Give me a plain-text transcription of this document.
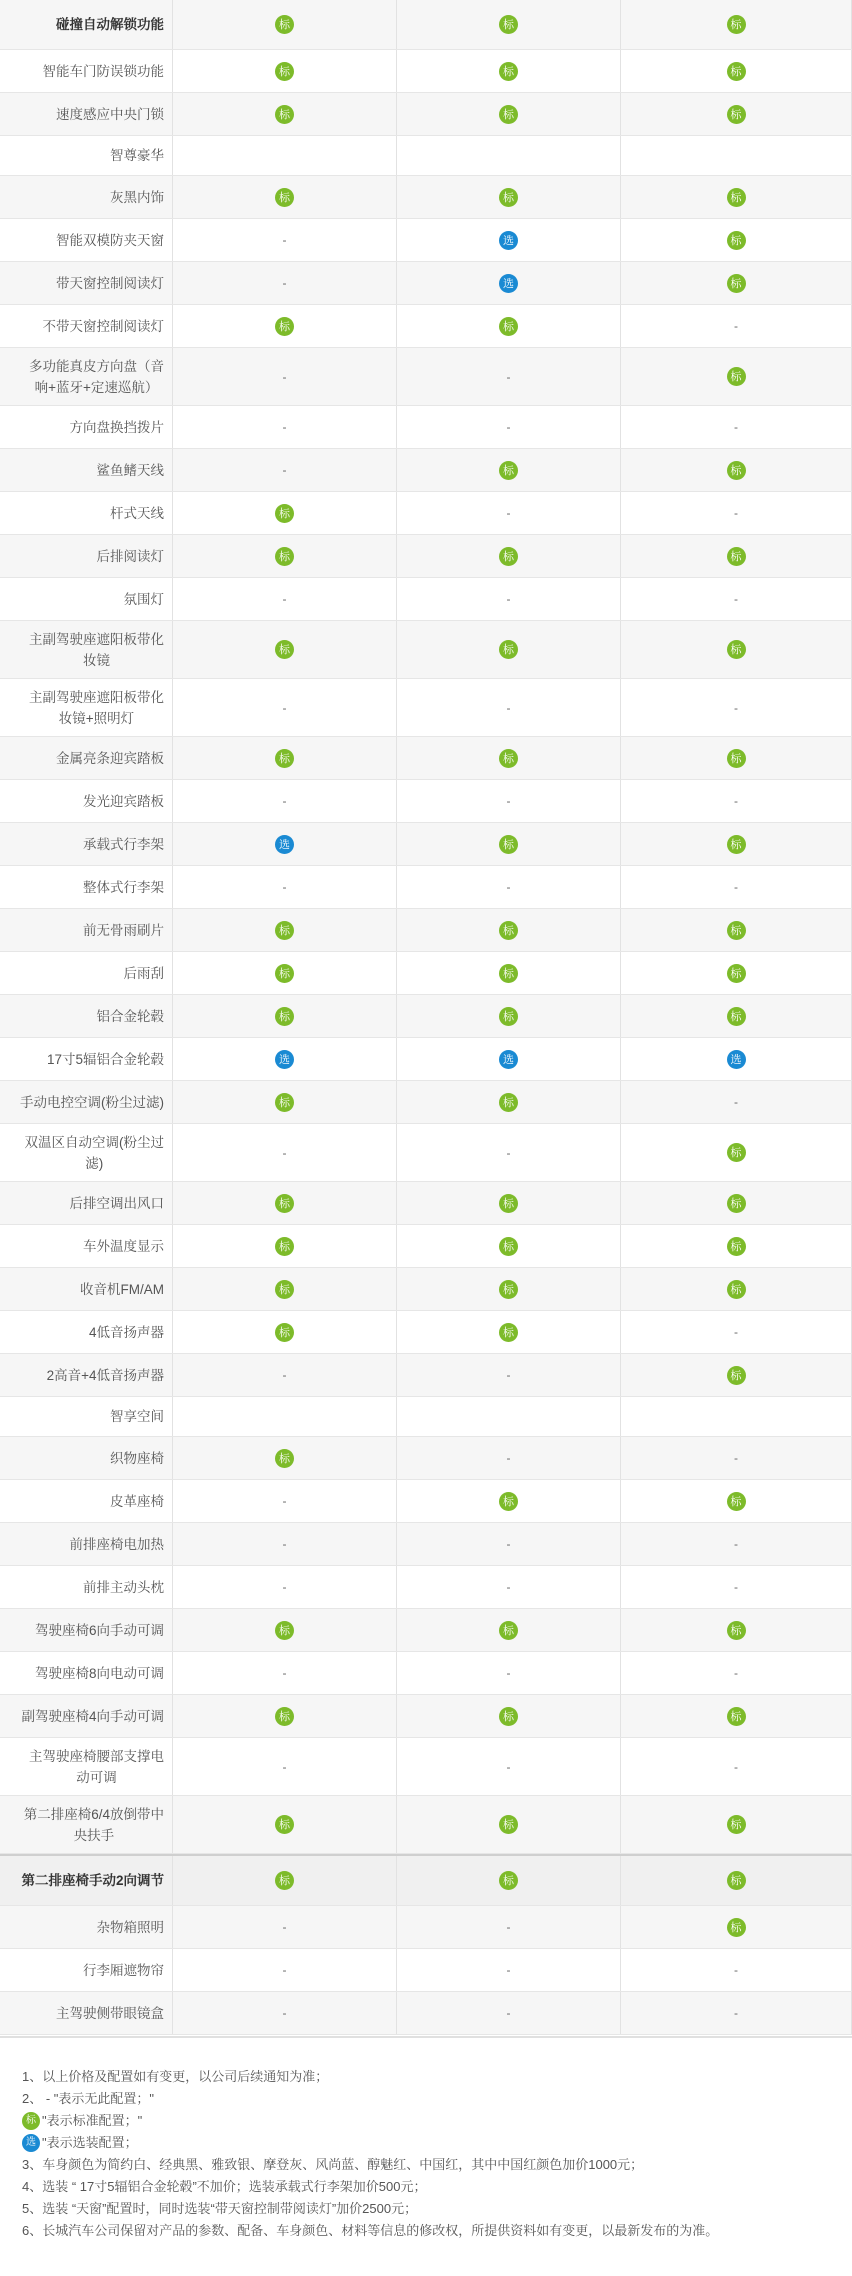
碰撞自动解锁功能	标	标	标
智能车门防误锁功能	标	标	标
速度感应中央门锁	标	标	标
智尊豪华
灰黑内饰	标	标	标
智能双模防夹天窗	-	选	标
带天窗控制阅读灯	-	选	标
不带天窗控制阅读灯	标	标	-
多功能真皮方向盘（音
响+蓝牙+定速巡航）
-	-	标
方向盘换挡拨片	-	-	-
鲨鱼鳍天线	-	标	标
杆式天线	标	-	-
后排阅读灯	标	标	标
氛围灯	-	-	-
主副驾驶座遮阳板带化
妆镜
标	标	标
主副驾驶座遮阳板带化
妆镜+照明灯
-	-	-
金属亮条迎宾踏板	标	标	标
发光迎宾踏板	-	-	-
承载式行李架	选	标	标
整体式行李架	-	-	-
前无骨雨刷片	标	标	标
后雨刮	标	标	标
铝合金轮毂	标	标	标
17寸5辐铝合金轮毂	选	选	选
手动电控空调(粉尘过滤)	标	标	-
双温区自动空调(粉尘过
滤)
-	-	标
后排空调出风口	标	标	标
车外温度显示	标	标	标
收音机FM/AM	标	标	标
4低音扬声器	标	标	-
2高音+4低音扬声器	-	-	标
智享空间
织物座椅	标	-	-
皮革座椅	-	标	标
前排座椅电加热	-	-	-
前排主动头枕	-	-	-
驾驶座椅6向手动可调	标	标	标
驾驶座椅8向电动可调	-	-	-
副驾驶座椅4向手动可调	标	标	标
主驾驶座椅腰部支撑电
动可调
-	-	-
第二排座椅6/4放倒带中
央扶手
标	标	标
第二排座椅手动2向调节	标	标	标
杂物箱照明	-	-	标
行李厢遮物帘	-	-	-
主驾驶侧带眼镜盒	-	-	-
1、以上价格及配置如有变更，以公司后续通知为准；
2、 - "表示无此配置；"
标 "表示标准配置；"
选 "表示选装配置；
3、车身颜色为简约白、经典黑、雅致银、摩登灰、风尚蓝、醇魅红、中国红，其中中国红颜色加价1000元；
4、选装 “ 17寸5辐铝合金轮毂”不加价；选装承载式行李架加价500元；
5、选装 “天窗”配置时，同时选装“带天窗控制带阅读灯”加价2500元；
6、长城汽车公司保留对产品的参数、配备、车身颜色、材料等信息的修改权，所提供资料如有变更，以最新发布的为准。
